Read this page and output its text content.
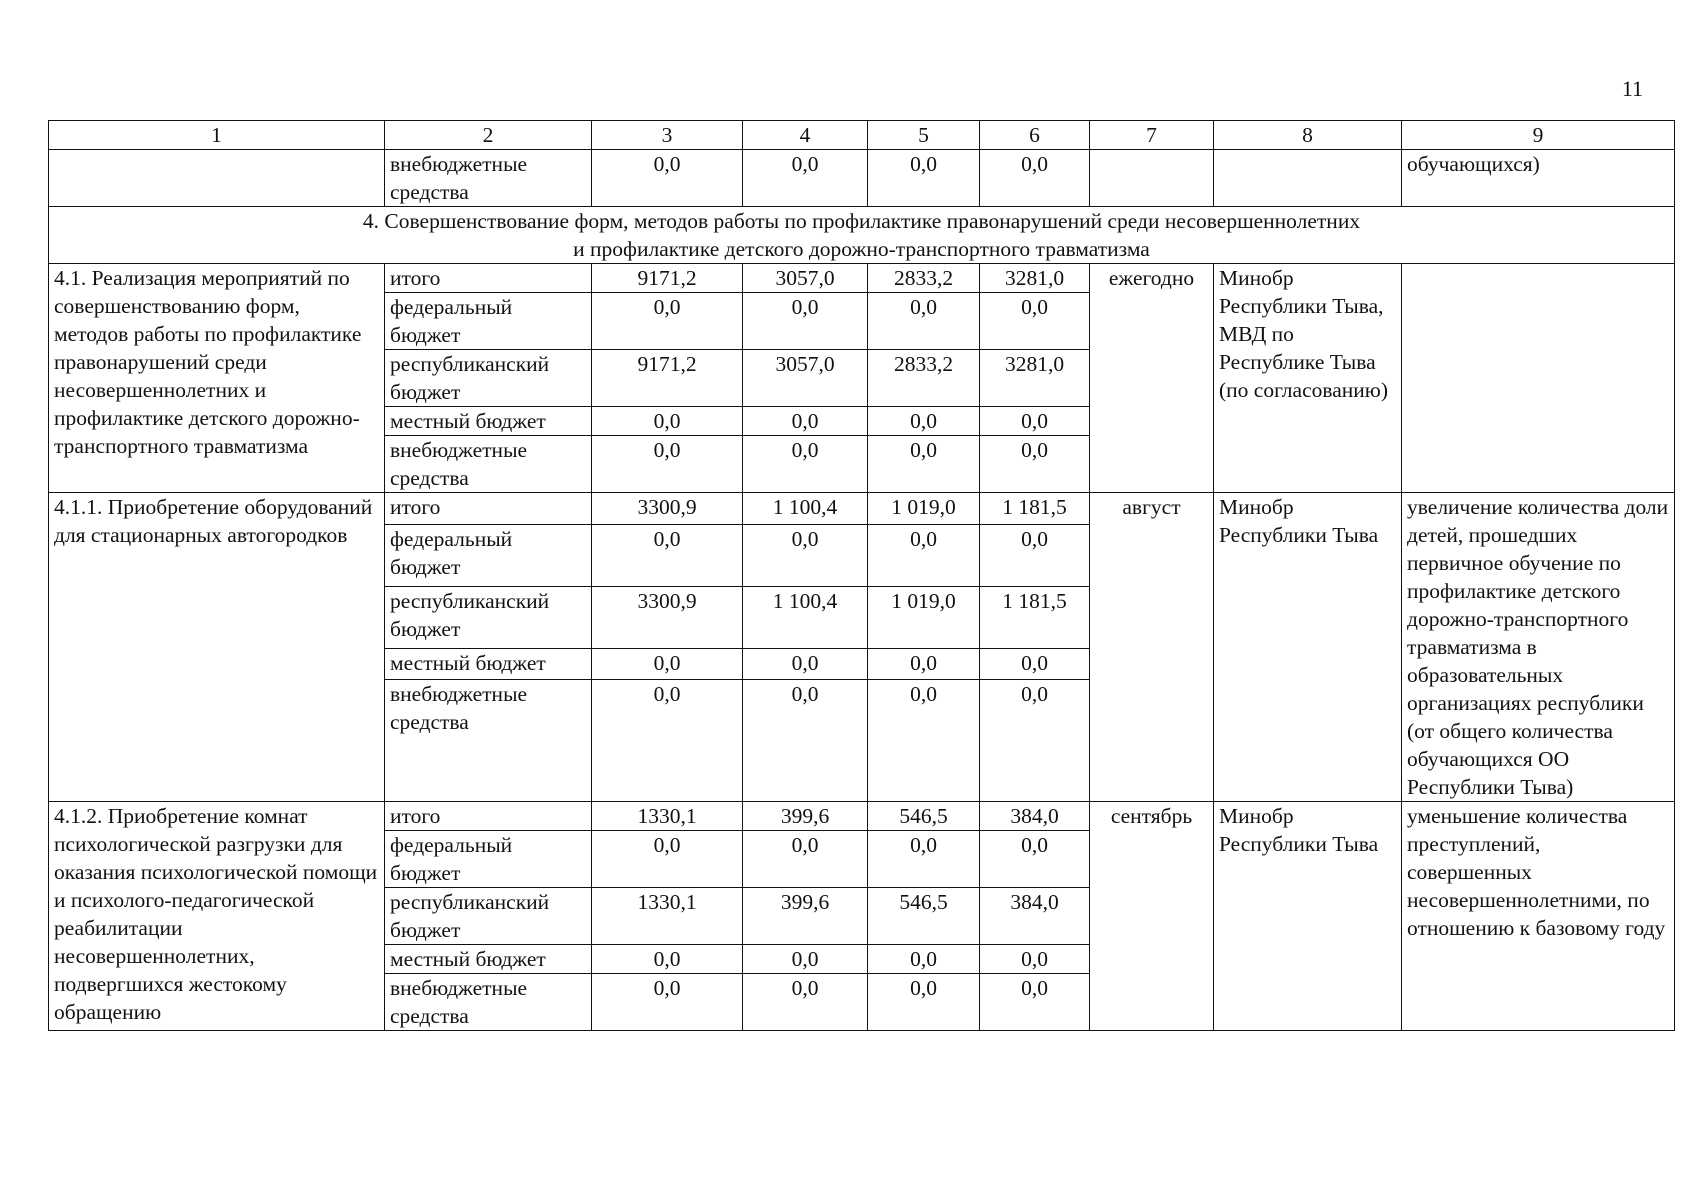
11
1	2	3	4	5	6	7	8	9
	внебюджетные средства	0,0	0,0	0,0	0,0			обучающихся)

4. Совершенствование форм, методов работы по профилактике правонарушений среди несовершеннолетних
и профилактике детского дорожно-транспортного травматизма								

4.1. Реализация мероприятий по совершенствованию форм, методов работы по профилактике правонарушений среди несовершеннолетних и профилактике детского дорожно-транспортного травматизма	итого	9171,2	3057,0	2833,2	3281,0	ежегодно	Минобр Республики Тыва, МВД по Республике Тыва (по согласованию)	
	федеральный бюджет	0,0	0,0	0,0	0,0			
	республиканский бюджет	9171,2	3057,0	2833,2	3281,0			
	местный бюджет	0,0	0,0	0,0	0,0			
	внебюджетные средства	0,0	0,0	0,0	0,0			
4.1.1. Приобретение оборудований для стационарных автогородков	итого	3300,9	1 100,4	1 019,0	1 181,5	август	Минобр Республики Тыва	увеличение количества доли детей, прошедших первичное обучение по профилактике детского дорожно-транспортного травматизма в образовательных организациях республики (от общего количества обучающихся ОО Республики Тыва)
	федеральный бюджет	0,0	0,0	0,0	0,0			
	республиканский бюджет	3300,9	1 100,4	1 019,0	1 181,5			
	местный бюджет	0,0	0,0	0,0	0,0			
	внебюджетные средства	0,0	0,0	0,0	0,0			
4.1.2. Приобретение комнат психологической разгрузки для оказания психологической помощи и психолого-педагогической реабилитации несовершеннолетних, подвергшихся жестокому обращению	итого	1330,1	399,6	546,5	384,0	сентябрь	Минобр Республики Тыва	уменьшение количества преступлений, совершенных несовершеннолетними, по отношению к базовому году
	федеральный бюджет	0,0	0,0	0,0	0,0			
	республиканский бюджет	1330,1	399,6	546,5	384,0			
	местный бюджет	0,0	0,0	0,0	0,0			
	внебюджетные средства	0,0	0,0	0,0	0,0			
